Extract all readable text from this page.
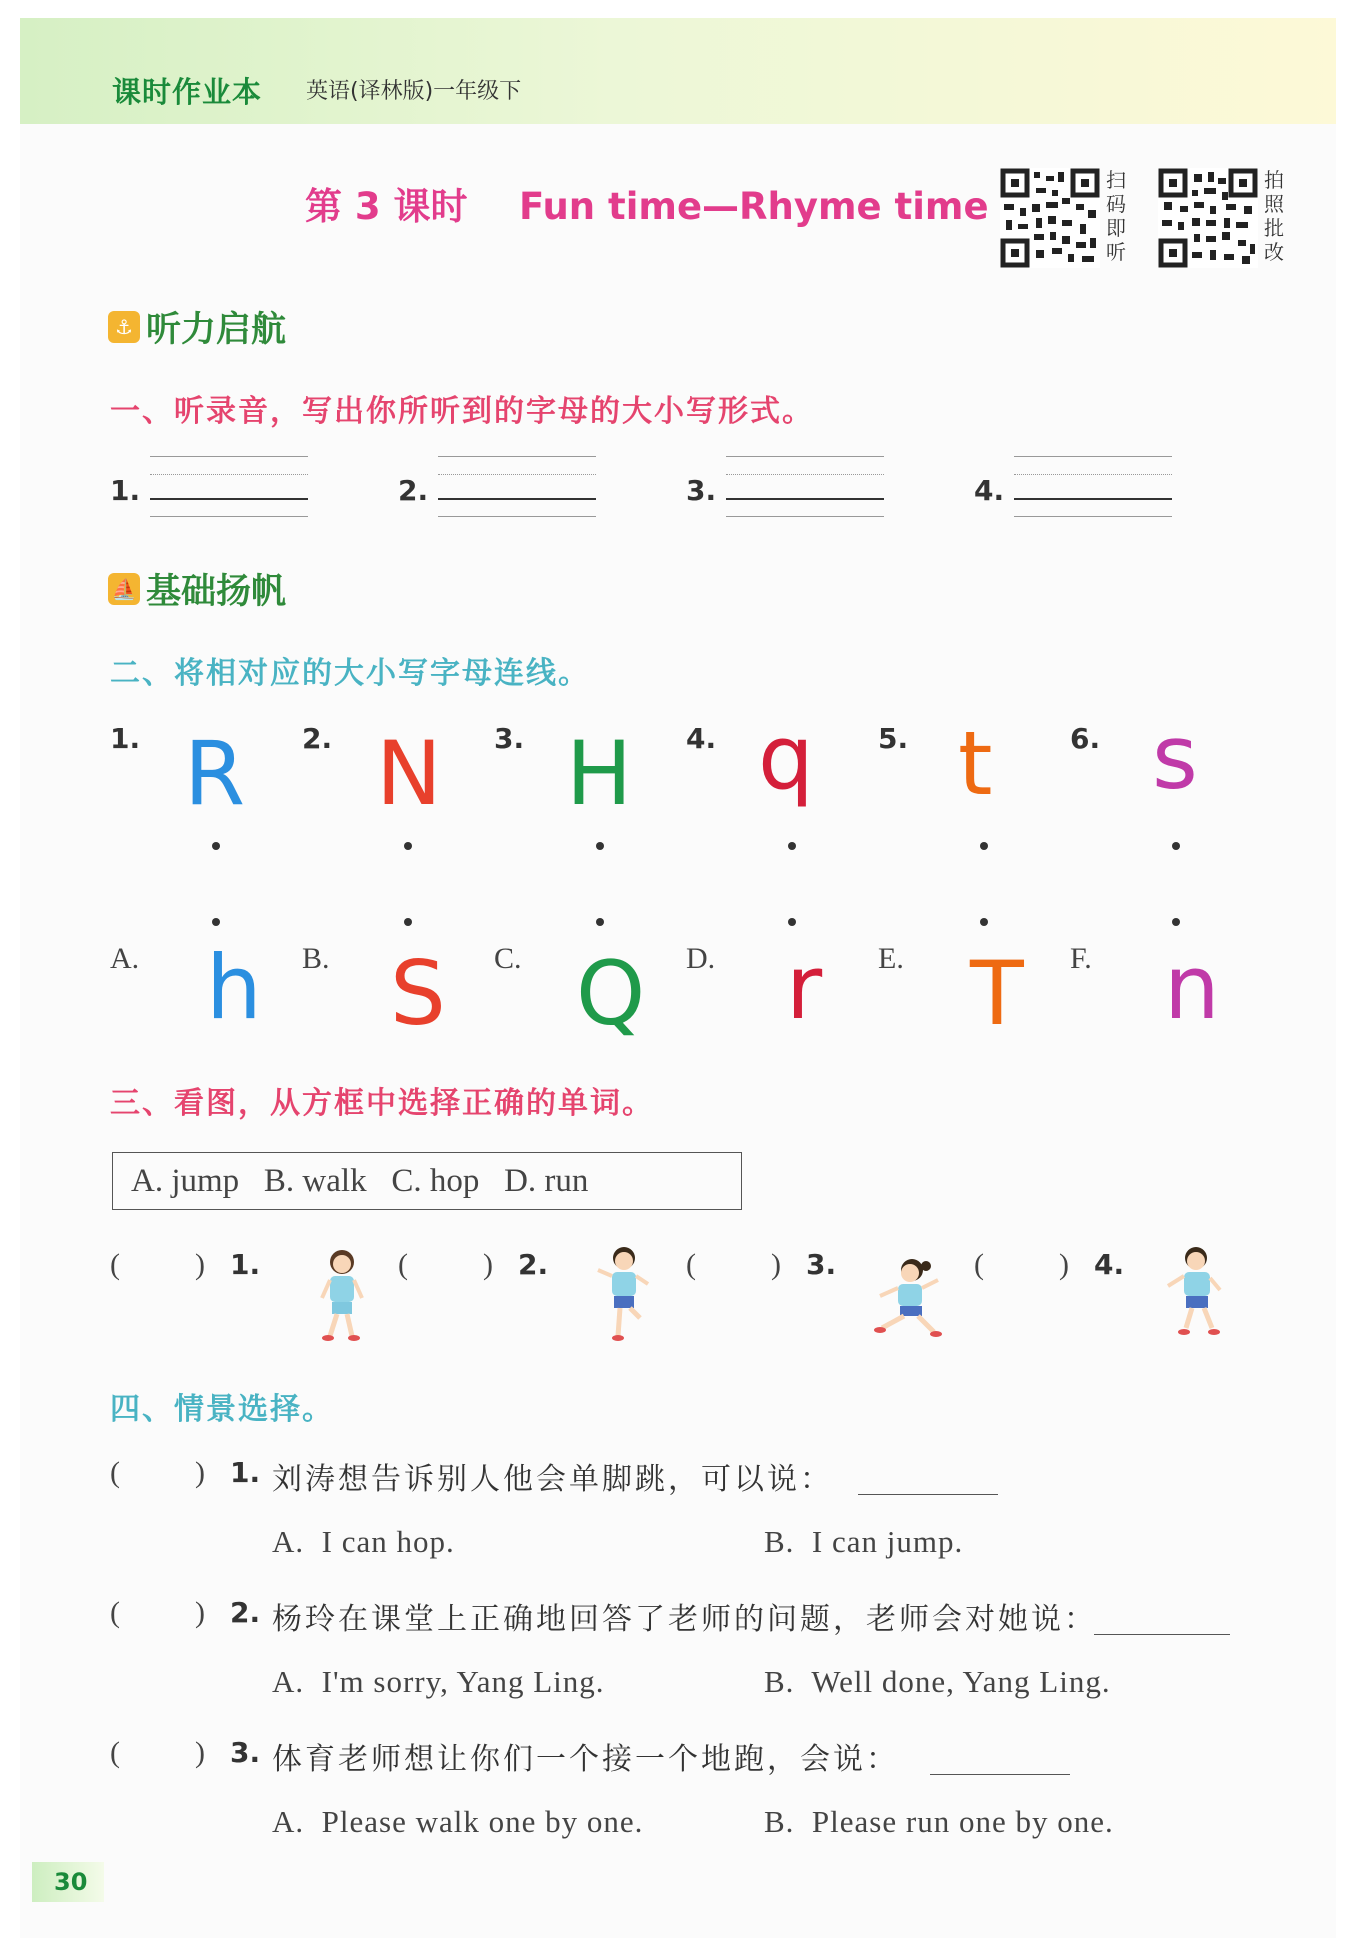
课时作业本 英语(译林版)一年级下
第 3 课时    Fun time—Rhyme time
扫码即听
拍照批改
⚓ 听力启航
一、听录音，写出你所听到的字母的大小写形式。
1.	2.	3.	4.
⛵ 基础扬帆
二、将相对应的大小写字母连线。
1.	2.	3.	4.	5.	6.
R N H q t s
A.	B.	C.	D.	E.	F.
h S Q r T n
三、看图，从方框中选择正确的单词。
A. jump   B. walk   C. hop   D. run
(          ) 1.	(          ) 2.	(          ) 3.	(          ) 4.
四、情景选择。
(          ) 1. 刘涛想告诉别人他会单脚跳，可以说：
A.  I can hop.	B.  I can jump.
(          ) 2. 杨玲在课堂上正确地回答了老师的问题，老师会对她说：
A.  I'm sorry, Yang Ling.	B.  Well done, Yang Ling.
(          ) 3. 体育老师想让你们一个接一个地跑，会说：
A.  Please walk one by one.	B.  Please run one by one.
30
